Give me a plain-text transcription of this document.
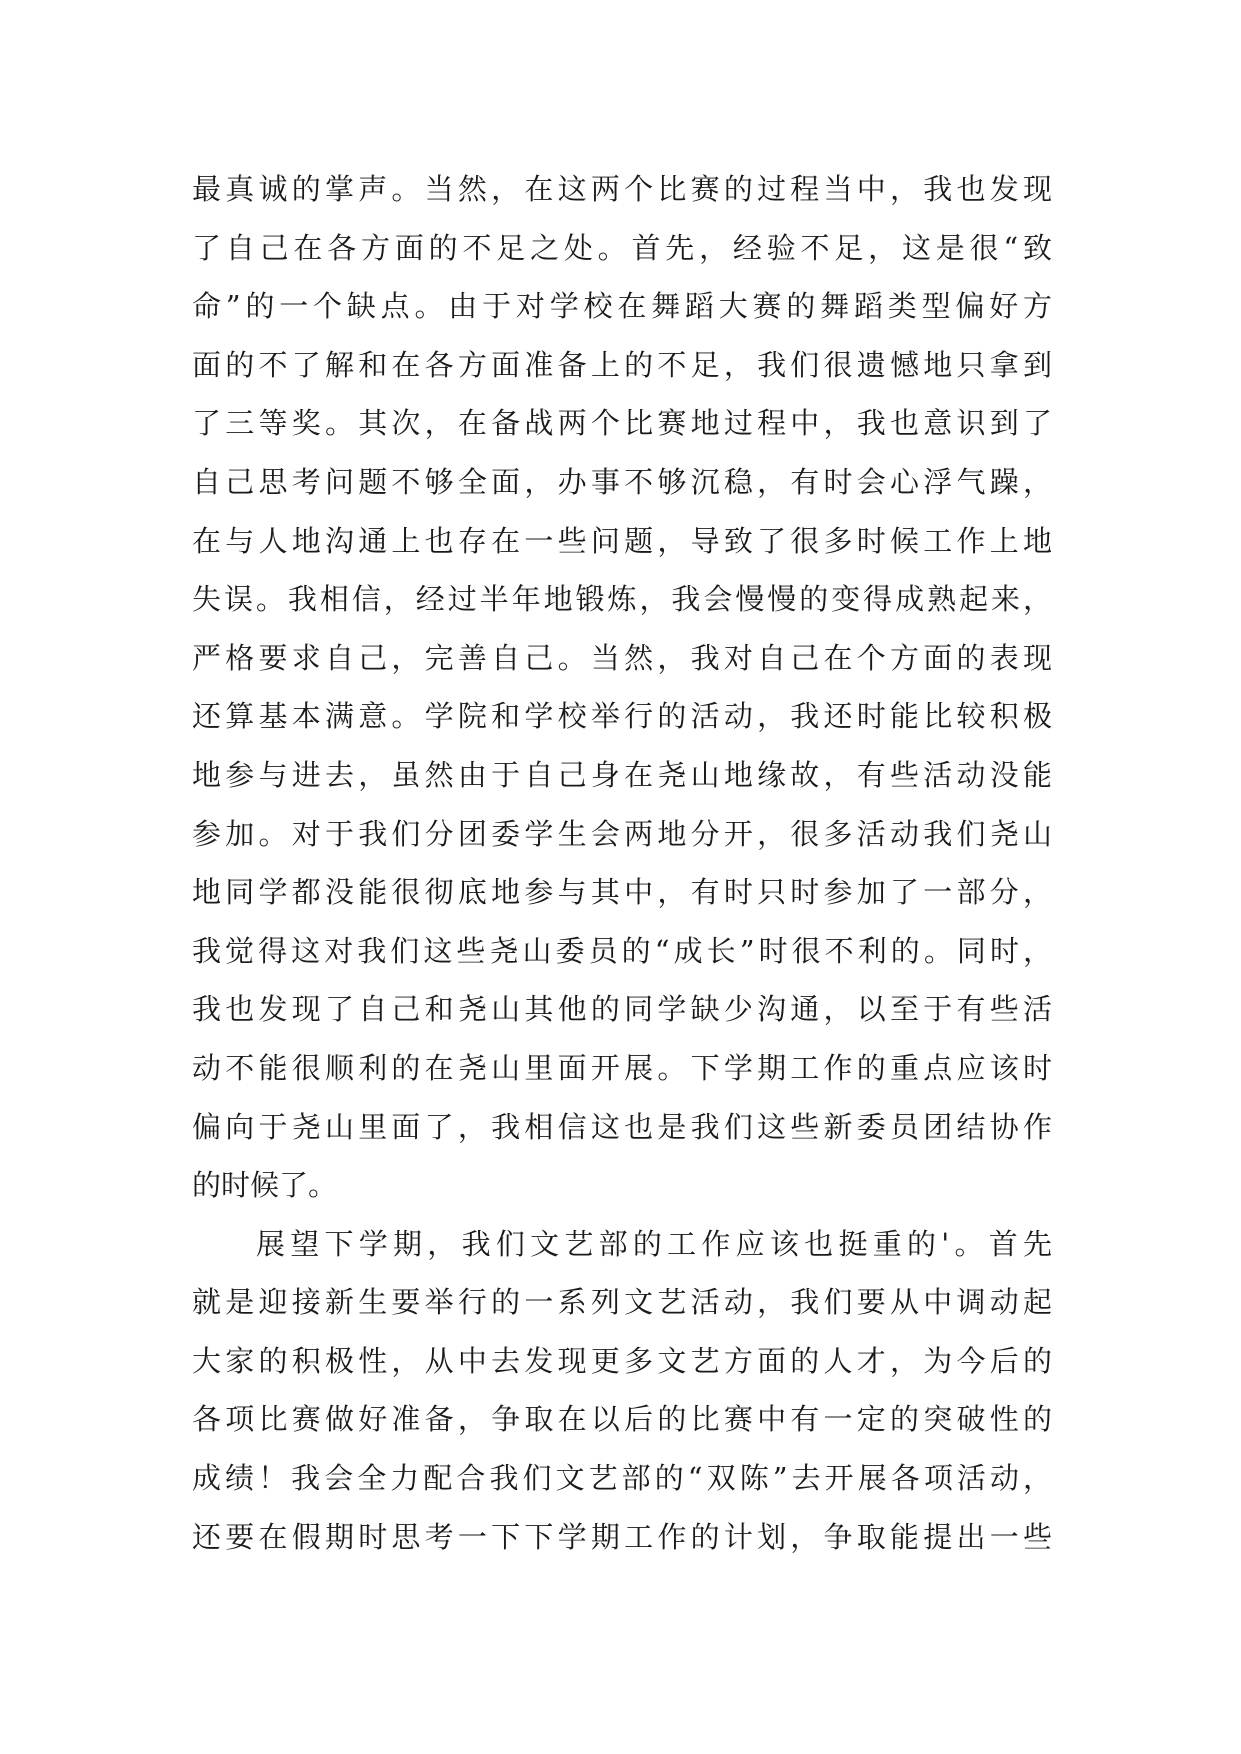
最真诚的掌声。当然，在这两个比赛的过程当中，我也发现
了自己在各方面的不足之处。首先，经验不足，这是很“致
命”的一个缺点。由于对学校在舞蹈大赛的舞蹈类型偏好方
面的不了解和在各方面准备上的不足，我们很遗憾地只拿到
了三等奖。其次，在备战两个比赛地过程中，我也意识到了
自己思考问题不够全面，办事不够沉稳，有时会心浮气躁，
在与人地沟通上也存在一些问题，导致了很多时候工作上地
失误。我相信，经过半年地锻炼，我会慢慢的变得成熟起来，
严格要求自己，完善自己。当然，我对自己在个方面的表现
还算基本满意。学院和学校举行的活动，我还时能比较积极
地参与进去，虽然由于自己身在尧山地缘故，有些活动没能
参加。对于我们分团委学生会两地分开，很多活动我们尧山
地同学都没能很彻底地参与其中，有时只时参加了一部分，
我觉得这对我们这些尧山委员的“成长”时很不利的。同时，
我也发现了自己和尧山其他的同学缺少沟通，以至于有些活
动不能很顺利的在尧山里面开展。下学期工作的重点应该时
偏向于尧山里面了，我相信这也是我们这些新委员团结协作
的时候了。
展望下学期，我们文艺部的工作应该也挺重的'。首先
就是迎接新生要举行的一系列文艺活动，我们要从中调动起
大家的积极性，从中去发现更多文艺方面的人才，为今后的
各项比赛做好准备，争取在以后的比赛中有一定的突破性的
成绩！我会全力配合我们文艺部的“双陈”去开展各项活动，
还要在假期时思考一下下学期工作的计划，争取能提出一些
